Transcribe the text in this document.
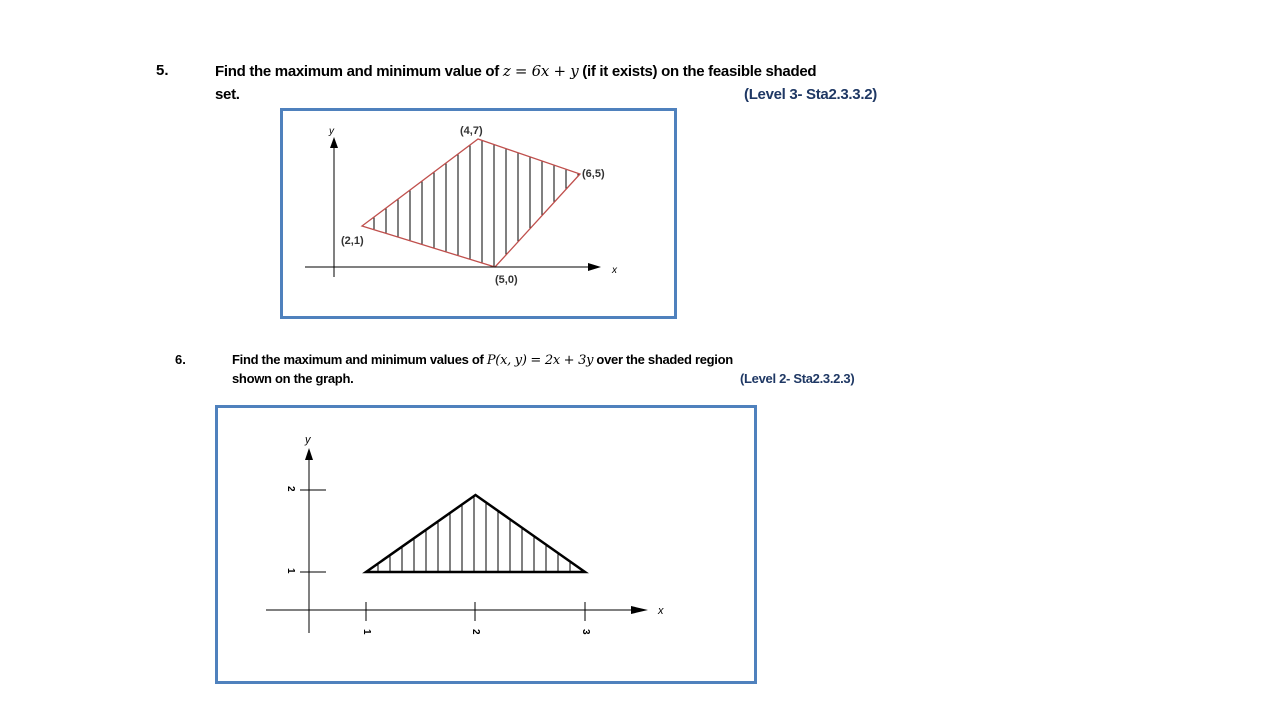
5.	Find the maximum and minimum value of z = 6x + y (if it exists) on the feasible shaded
set.	(Level 3- Sta2.3.3.2)
x
y
(2,1)
(4,7)
(6,5)
(5,0)
6.	Find the maximum and minimum values of P(x, y) = 2x + 3y over the shaded region
shown on the graph.	(Level 2- Sta2.3.2.3)
x
y
1	2	3
1
2
